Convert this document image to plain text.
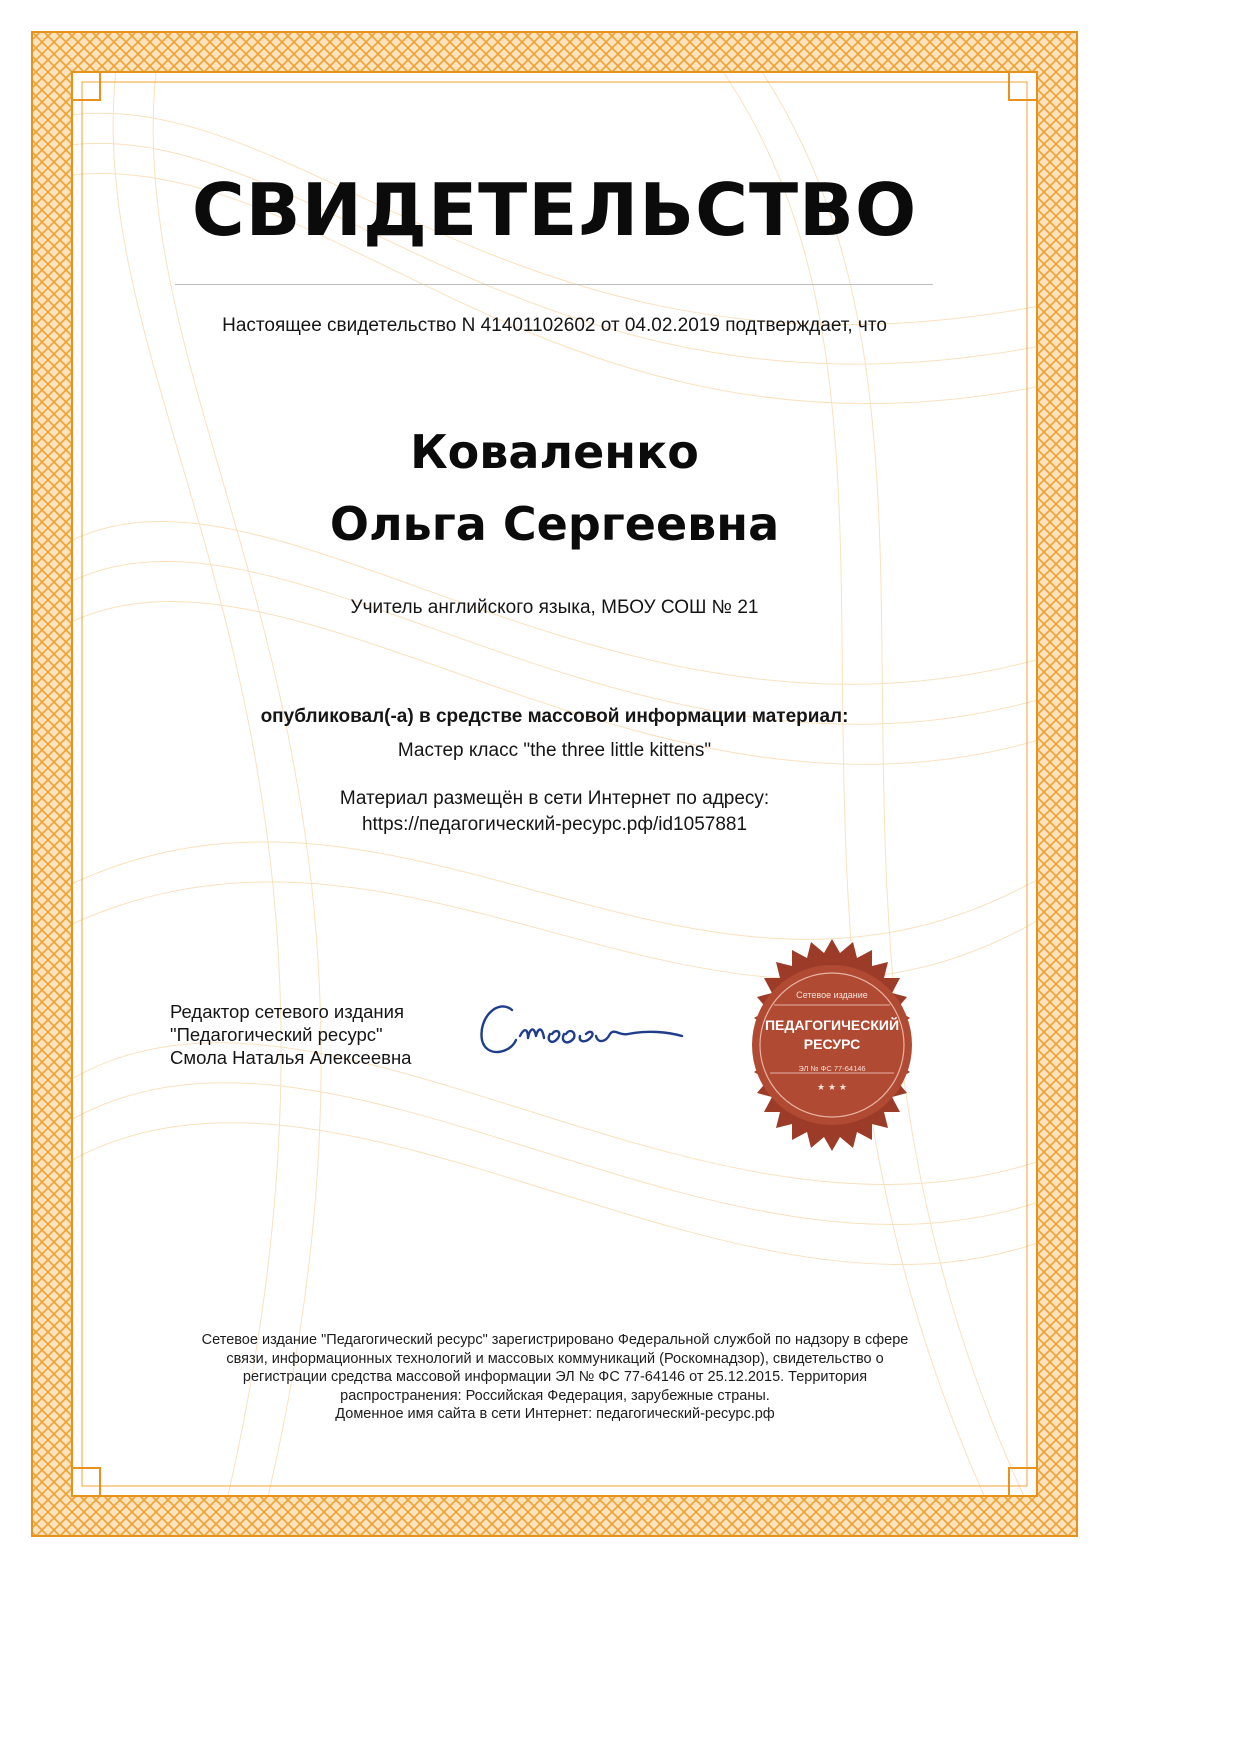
СВИДЕТЕЛЬСТВО
Настоящее свидетельство N 41401102602 от 04.02.2019 подтверждает, что
Коваленко
Ольга Сергеевна
Учитель английского языка, МБОУ СОШ № 21
опубликовал(-а) в средстве массовой информации материал:
Мастер класс "the three little kittens"
Материал размещён в сети Интернет по адресу:
https://педагогический-ресурс.рф/id1057881
Редактор сетевого издания
"Педагогический ресурс"
Смола Наталья Алексеевна
Сетевое издание
ПЕДАГОГИЧЕСКИЙ
РЕСУРС
ЭЛ № ФС 77-64146
★ ★ ★
Сетевое издание "Педагогический ресурс" зарегистрировано Федеральной службой по надзору в сфере
связи, информационных технологий и массовых коммуникаций (Роскомнадзор), свидетельство о
регистрации средства массовой информации ЭЛ № ФС 77-64146 от 25.12.2015. Территория
распространения: Российская Федерация, зарубежные страны.
Доменное имя сайта в сети Интернет: педагогический-ресурс.рф
